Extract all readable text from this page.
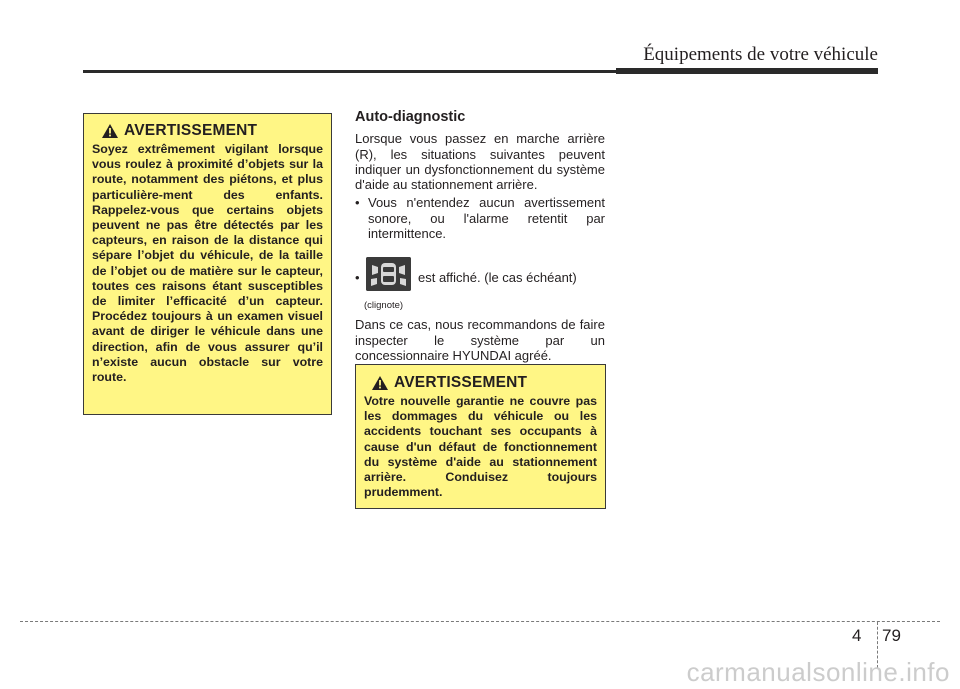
Équipements de votre véhicule
AVERTISSEMENT

Soyez extrêmement vigilant lorsque vous roulez à proximité d’objets sur la route, notamment des piétons, et plus particulière-ment des enfants. Rappelez-vous que certains objets peuvent ne pas être détectés par les capteurs, en raison de la distance qui sépare l’objet du véhicule, de la taille de l’objet ou de matière sur le capteur, toutes ces raisons étant susceptibles de limiter l’efficacité d’un capteur. Procédez toujours à un examen visuel avant de diriger le véhicule dans une direction, afin de vous assurer qu’il n’existe aucun obstacle sur votre route.

Auto-diagnostic

Lorsque vous passez en marche arrière (R), les situations suivantes peuvent indiquer un dysfonctionnement du système d'aide au stationnement arrière.

• Vous n'entendez aucun avertissement sonore, ou l'alarme retentit par intermittence.
•
(clignote)
est affiché. (le cas échéant)

Dans ce cas, nous recommandons de faire inspecter le système par un concessionnaire HYUNDAI agréé.

AVERTISSEMENT

Votre nouvelle garantie ne couvre pas les dommages du véhicule ou les accidents touchant ses occupants à cause d'un défaut de fonctionnement du système d'aide au stationnement arrière. Conduisez toujours prudemment.

4 79
carmanualsonline.info
